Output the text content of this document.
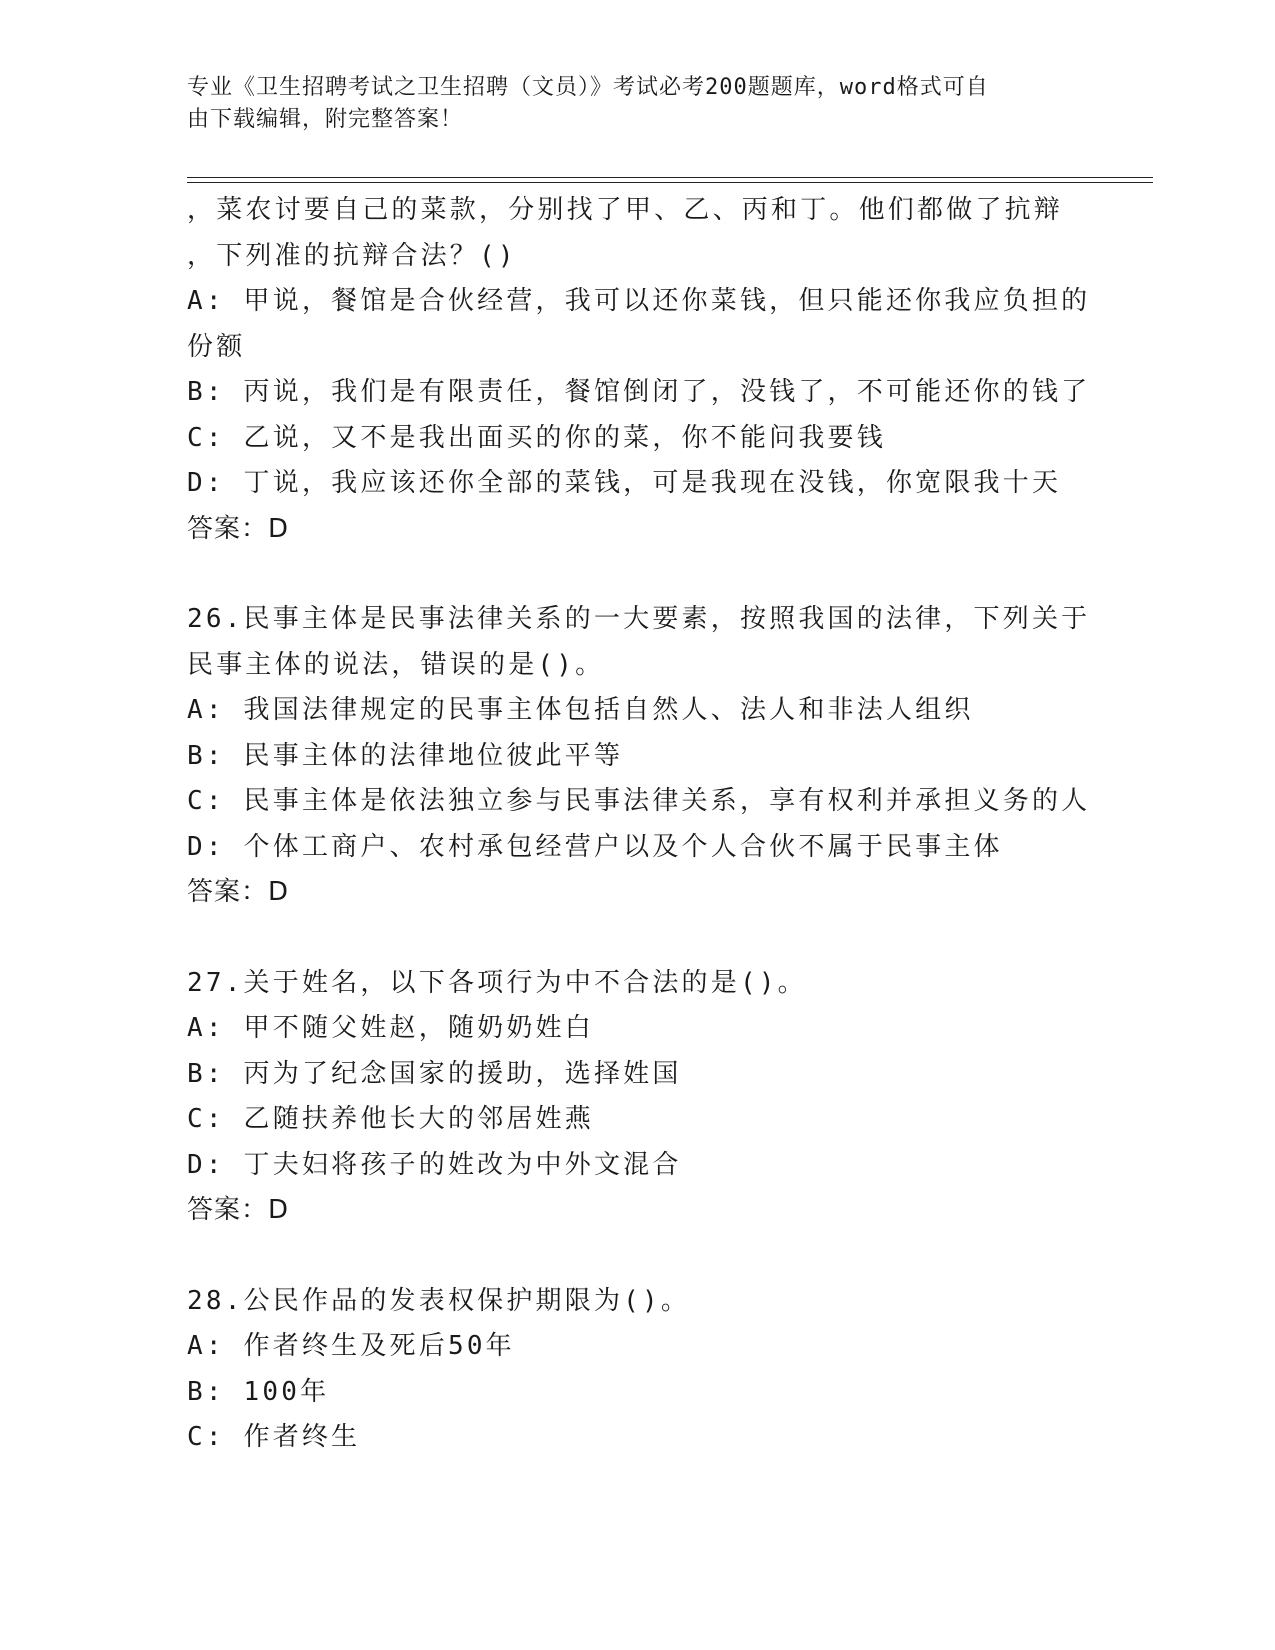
专业《卫生招聘考试之卫生招聘（文员）》考试必考200题题库，word格式可自
由下载编辑，附完整答案！
，菜农讨要自己的菜款，分别找了甲、乙、丙和丁。他们都做了抗辩
，下列准的抗辩合法？()
A: 甲说，餐馆是合伙经营，我可以还你菜钱，但只能还你我应负担的
份额
B: 丙说，我们是有限责任，餐馆倒闭了，没钱了，不可能还你的钱了
C: 乙说，又不是我出面买的你的菜，你不能问我要钱
D: 丁说，我应该还你全部的菜钱，可是我现在没钱，你宽限我十天
答案：D
26.民事主体是民事法律关系的一大要素，按照我国的法律，下列关于
民事主体的说法，错误的是()。
A: 我国法律规定的民事主体包括自然人、法人和非法人组织
B: 民事主体的法律地位彼此平等
C: 民事主体是依法独立参与民事法律关系，享有权利并承担义务的人
D: 个体工商户、农村承包经营户以及个人合伙不属于民事主体
答案：D
27.关于姓名，以下各项行为中不合法的是()。
A: 甲不随父姓赵，随奶奶姓白
B: 丙为了纪念国家的援助，选择姓国
C: 乙随扶养他长大的邻居姓燕
D: 丁夫妇将孩子的姓改为中外文混合
答案：D
28.公民作品的发表权保护期限为()。
A: 作者终生及死后50年
B: 100年
C: 作者终生
